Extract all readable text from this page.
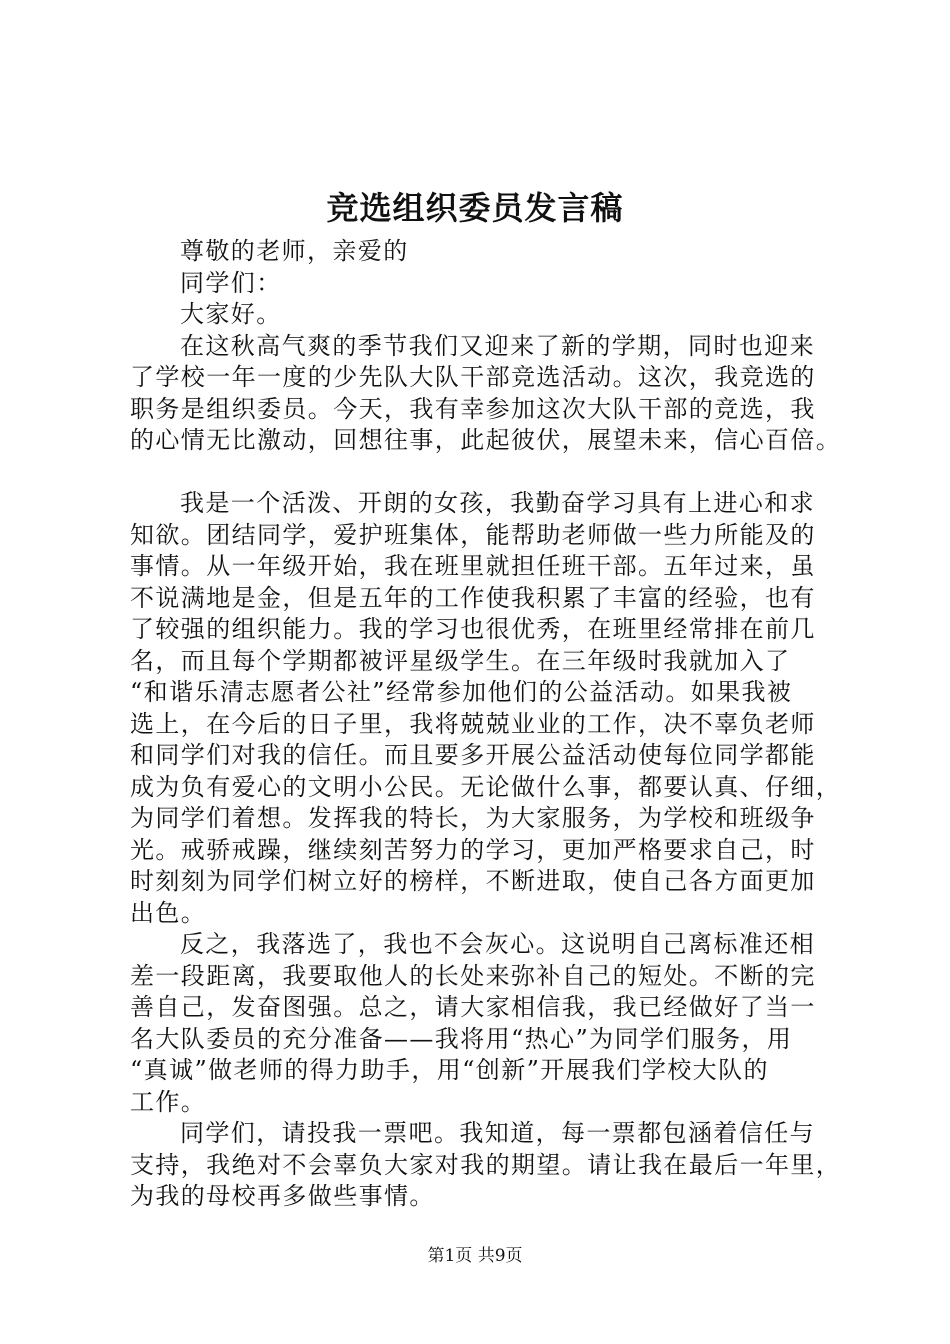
竞选组织委员发言稿
尊敬的老师，亲爱的
同学们：
大家好。
在这秋高气爽的季节我们又迎来了新的学期，同时也迎来
了学校一年一度的少先队大队干部竞选活动。这次，我竞选的
职务是组织委员。今天，我有幸参加这次大队干部的竞选，我
的心情无比激动，回想往事，此起彼伏，展望未来，信心百倍。
我是一个活泼、开朗的女孩，我勤奋学习具有上进心和求
知欲。团结同学，爱护班集体，能帮助老师做一些力所能及的
事情。从一年级开始，我在班里就担任班干部。五年过来，虽
不说满地是金，但是五年的工作使我积累了丰富的经验，也有
了较强的组织能力。我的学习也很优秀，在班里经常排在前几
名，而且每个学期都被评星级学生。在三年级时我就加入了
“和谐乐清志愿者公社”经常参加他们的公益活动。如果我被
选上，在今后的日子里，我将兢兢业业的工作，决不辜负老师
和同学们对我的信任。而且要多开展公益活动使每位同学都能
成为负有爱心的文明小公民。无论做什么事，都要认真、仔细，
为同学们着想。发挥我的特长，为大家服务，为学校和班级争
光。戒骄戒躁，继续刻苦努力的学习，更加严格要求自己，时
时刻刻为同学们树立好的榜样，不断进取，使自己各方面更加
出色。
反之，我落选了，我也不会灰心。这说明自己离标准还相
差一段距离，我要取他人的长处来弥补自己的短处。不断的完
善自己，发奋图强。总之，请大家相信我，我已经做好了当一
名大队委员的充分准备——我将用“热心”为同学们服务，用
“真诚”做老师的得力助手，用“创新”开展我们学校大队的
工作。
同学们，请投我一票吧。我知道，每一票都包涵着信任与
支持，我绝对不会辜负大家对我的期望。请让我在最后一年里，
为我的母校再多做些事情。
第1页 共9页
